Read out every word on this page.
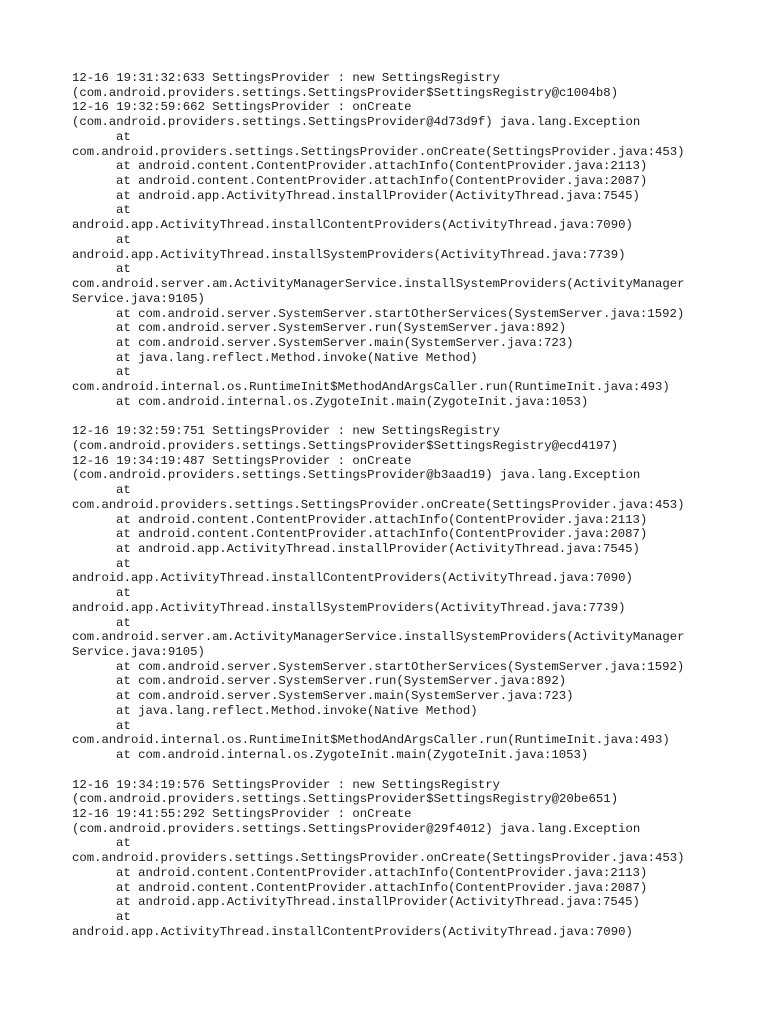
12-16 19:31:32:633 SettingsProvider : new SettingsRegistry
(com.android.providers.settings.SettingsProvider$SettingsRegistry@c1004b8)
12-16 19:32:59:662 SettingsProvider : onCreate
(com.android.providers.settings.SettingsProvider@4d73d9f) java.lang.Exception
at
com.android.providers.settings.SettingsProvider.onCreate(SettingsProvider.java:453)
at android.content.ContentProvider.attachInfo(ContentProvider.java:2113)
at android.content.ContentProvider.attachInfo(ContentProvider.java:2087)
at android.app.ActivityThread.installProvider(ActivityThread.java:7545)
at
android.app.ActivityThread.installContentProviders(ActivityThread.java:7090)
at
android.app.ActivityThread.installSystemProviders(ActivityThread.java:7739)
at
com.android.server.am.ActivityManagerService.installSystemProviders(ActivityManager
Service.java:9105)
at com.android.server.SystemServer.startOtherServices(SystemServer.java:1592)
at com.android.server.SystemServer.run(SystemServer.java:892)
at com.android.server.SystemServer.main(SystemServer.java:723)
at java.lang.reflect.Method.invoke(Native Method)
at
com.android.internal.os.RuntimeInit$MethodAndArgsCaller.run(RuntimeInit.java:493)
at com.android.internal.os.ZygoteInit.main(ZygoteInit.java:1053)
12-16 19:32:59:751 SettingsProvider : new SettingsRegistry
(com.android.providers.settings.SettingsProvider$SettingsRegistry@ecd4197)
12-16 19:34:19:487 SettingsProvider : onCreate
(com.android.providers.settings.SettingsProvider@b3aad19) java.lang.Exception
at
com.android.providers.settings.SettingsProvider.onCreate(SettingsProvider.java:453)
at android.content.ContentProvider.attachInfo(ContentProvider.java:2113)
at android.content.ContentProvider.attachInfo(ContentProvider.java:2087)
at android.app.ActivityThread.installProvider(ActivityThread.java:7545)
at
android.app.ActivityThread.installContentProviders(ActivityThread.java:7090)
at
android.app.ActivityThread.installSystemProviders(ActivityThread.java:7739)
at
com.android.server.am.ActivityManagerService.installSystemProviders(ActivityManager
Service.java:9105)
at com.android.server.SystemServer.startOtherServices(SystemServer.java:1592)
at com.android.server.SystemServer.run(SystemServer.java:892)
at com.android.server.SystemServer.main(SystemServer.java:723)
at java.lang.reflect.Method.invoke(Native Method)
at
com.android.internal.os.RuntimeInit$MethodAndArgsCaller.run(RuntimeInit.java:493)
at com.android.internal.os.ZygoteInit.main(ZygoteInit.java:1053)
12-16 19:34:19:576 SettingsProvider : new SettingsRegistry
(com.android.providers.settings.SettingsProvider$SettingsRegistry@20be651)
12-16 19:41:55:292 SettingsProvider : onCreate
(com.android.providers.settings.SettingsProvider@29f4012) java.lang.Exception
at
com.android.providers.settings.SettingsProvider.onCreate(SettingsProvider.java:453)
at android.content.ContentProvider.attachInfo(ContentProvider.java:2113)
at android.content.ContentProvider.attachInfo(ContentProvider.java:2087)
at android.app.ActivityThread.installProvider(ActivityThread.java:7545)
at
android.app.ActivityThread.installContentProviders(ActivityThread.java:7090)
